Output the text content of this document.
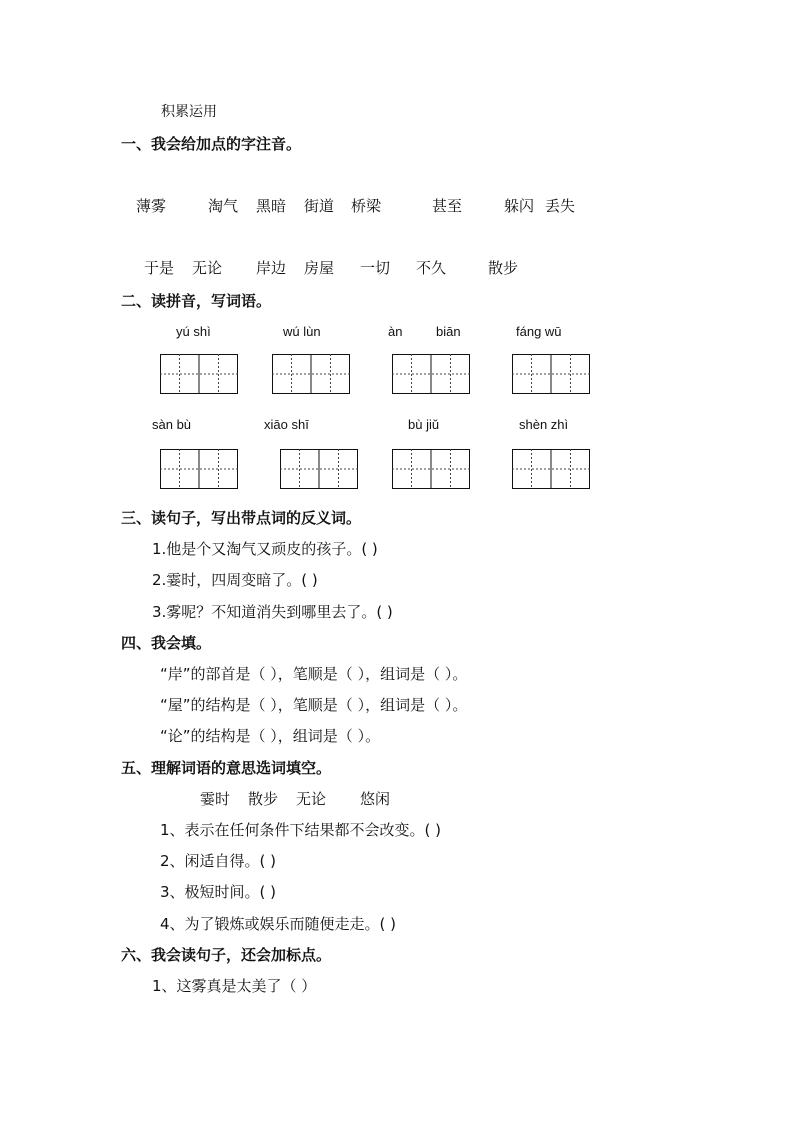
积累运用
一、我会给加点的字注音。
薄雾	淘气 黑暗 街道 桥梁	甚至	躲闪 丢失
于是 无论 岸边 房屋 一切 不久	散步
二、读拼音，写词语。
yú shì	wú lùn	àn	biān	fáng wū
sàn bù	xiāo shī	bù jiǔ	shèn zhì
三、读句子，写出带点词的反义词。
1.他是个又淘气又顽皮的孩子。( )
2.霎时，四周变暗了。( )
3.雾呢？不知道消失到哪里去了。( )
四、我会填。
“岸”的部首是（ ），笔顺是（ ），组词是（ ）。
“屋”的结构是（ ），笔顺是（ ），组词是（ ）。
“论”的结构是（ ），组词是（ ）。
五、理解词语的意思选词填空。
霎时 散步 无论 悠闲
1、表示在任何条件下结果都不会改变。( )
2、闲适自得。( )
3、极短时间。( )
4、为了锻炼或娱乐而随便走走。( )
六、我会读句子，还会加标点。
1、这雾真是太美了（ ）
